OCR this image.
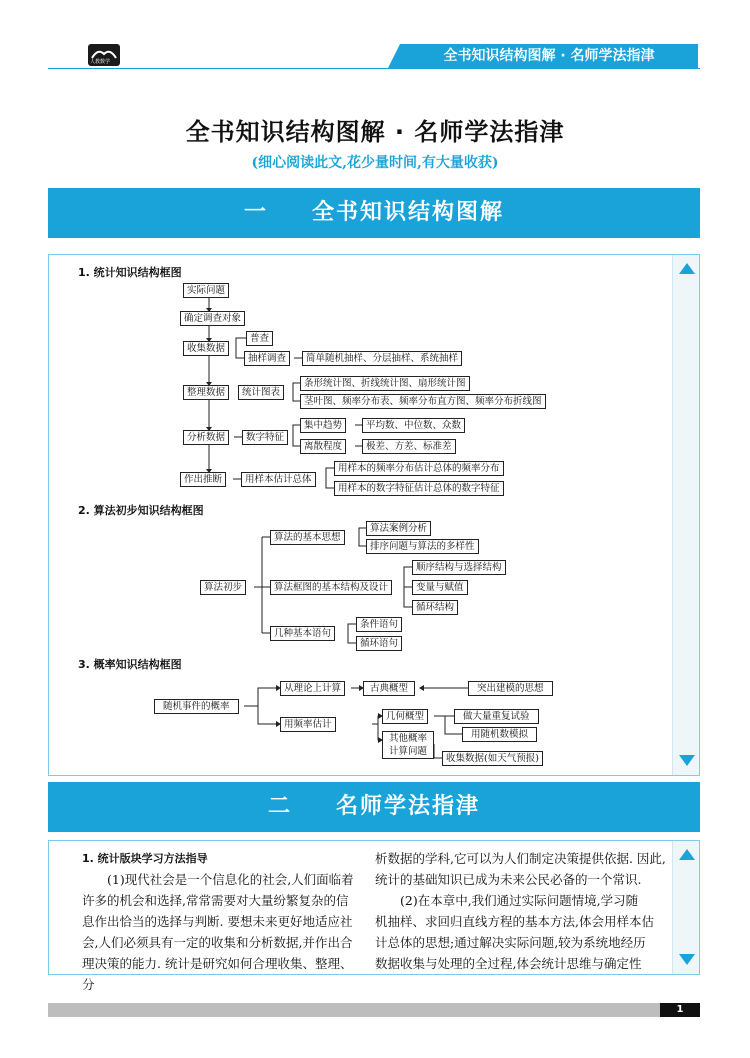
人教数学	全书知识结构图解 · 名师学法指津
全书知识结构图解 · 名师学法指津
(细心阅读此文,花少量时间,有大量收获)
一 全书知识结构图解
1. 统计知识结构框图
实际问题
确定调查对象
收集数据
普查
抽样调查	简单随机抽样、分层抽样、系统抽样
整理数据	统计图表
条形统计图、折线统计图、扇形统计图
茎叶图、频率分布表、频率分布直方图、频率分布折线图
分析数据	数字特征
集中趋势	平均数、中位数、众数
离散程度	极差、方差、标准差
作出推断	用样本估计总体
用样本的频率分布估计总体的频率分布
用样本的数字特征估计总体的数字特征
2. 算法初步知识结构框图
算法初步
算法的基本思想
算法案例分析
排序问题与算法的多样性
算法框图的基本结构及设计
顺序结构与选择结构
变量与赋值
循环结构
几种基本语句
条件语句
循环语句
3. 概率知识结构框图
随机事件的概率
从理论上计算	古典概型	突出建模的思想
用频率估计
几何概型	做大量重复试验
其他概率计算问题
用随机数模拟
收集数据(如天气预报)
二 名师学法指津

1. 统计版块学习方法指导

(1)现代社会是一个信息化的社会,人们面临着

许多的机会和选择,常常需要对大量纷繁复杂的信

息作出恰当的选择与判断. 要想未来更好地适应社

会,人们必须具有一定的收集和分析数据,并作出合

理决策的能力. 统计是研究如何合理收集、整理、分

析数据的学科,它可以为人们制定决策提供依据. 因此,

统计的基础知识已成为未来公民必备的一个常识.

(2)在本章中,我们通过实际问题情境,学习随

机抽样、求回归直线方程的基本方法,体会用样本估

计总体的思想;通过解决实际问题,较为系统地经历

数据收集与处理的全过程,体会统计思维与确定性

1
